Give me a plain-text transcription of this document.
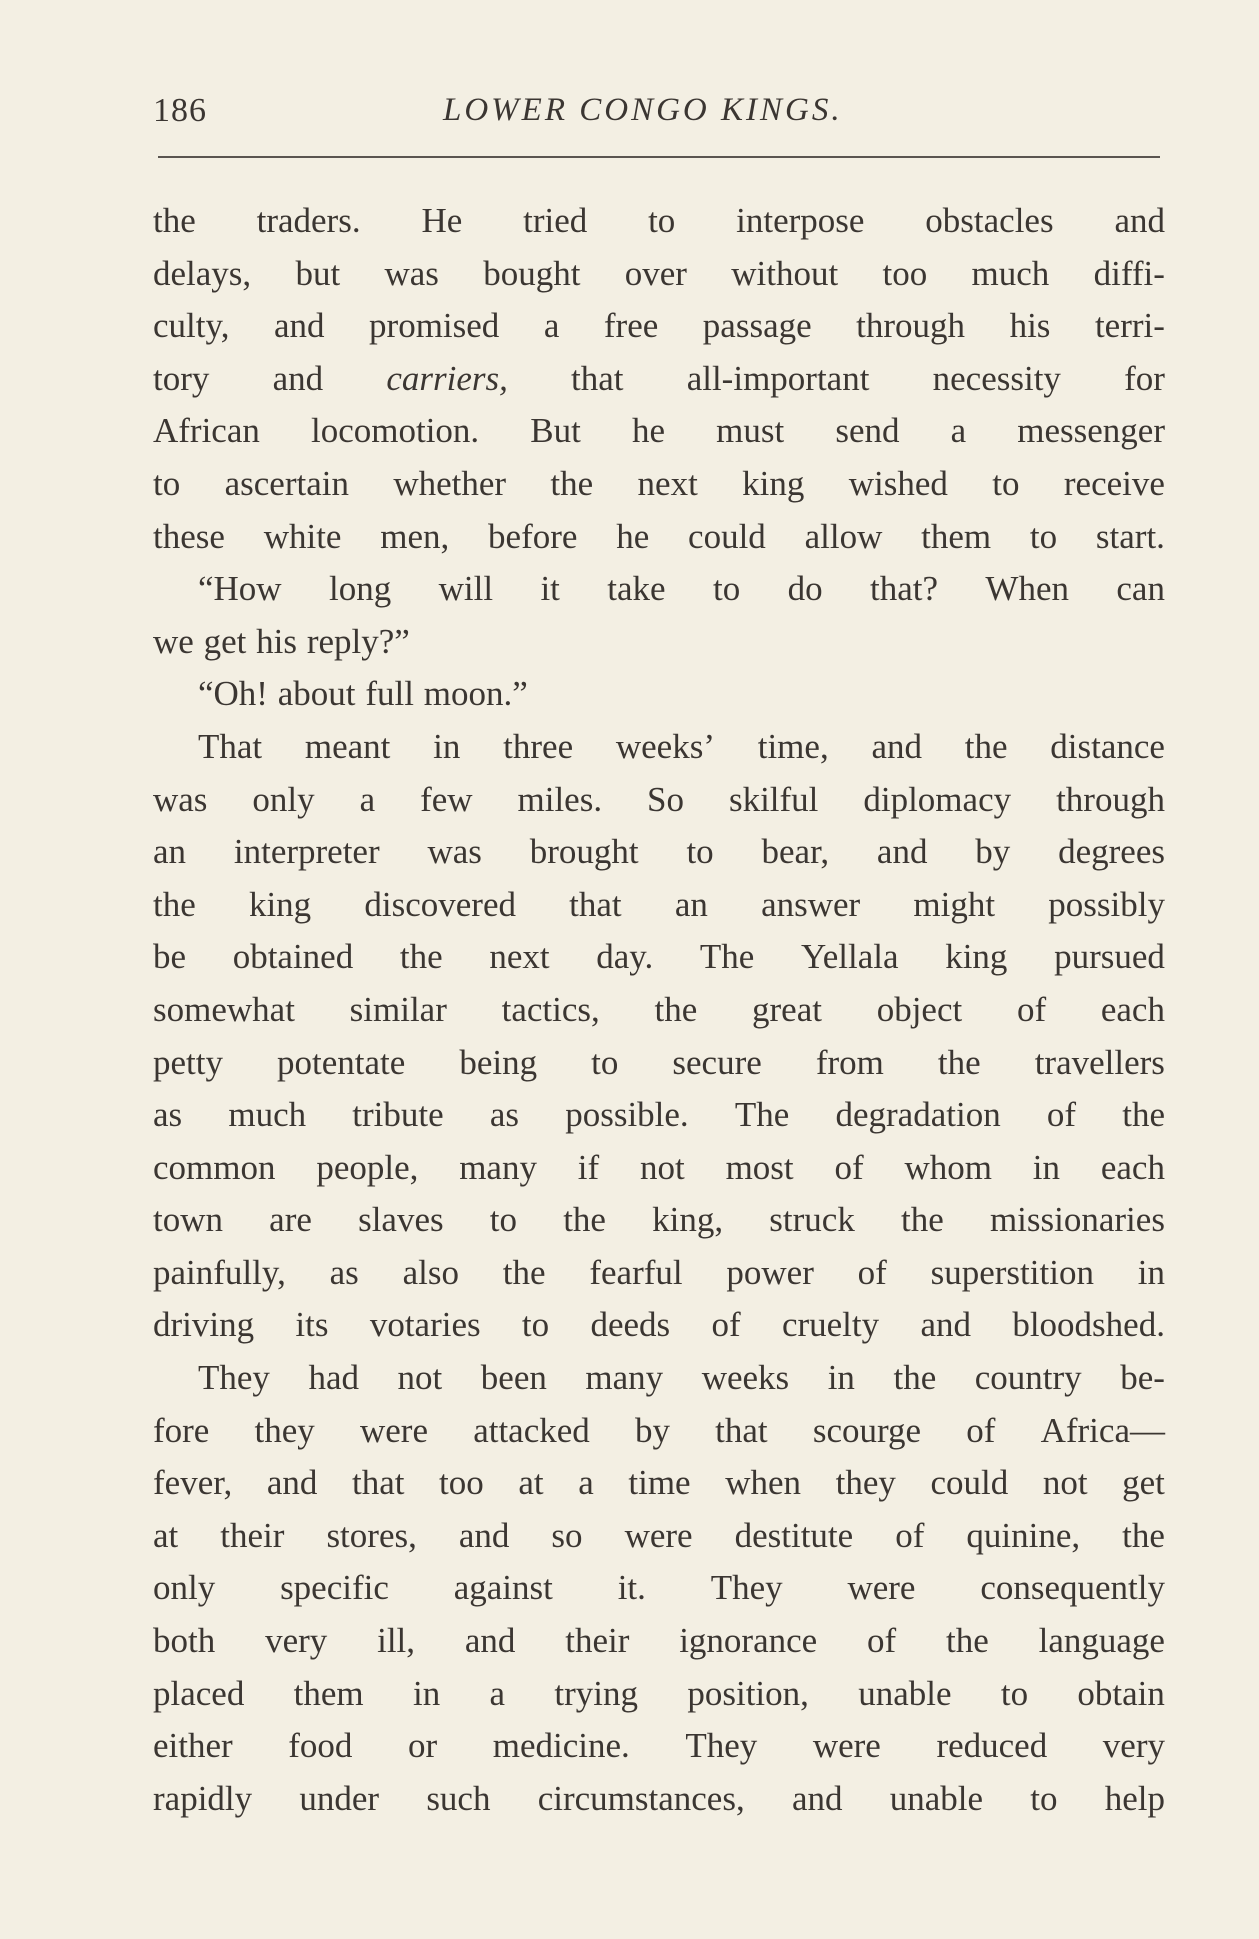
186	LOWER CONGO KINGS.
the traders. He tried to interpose obstacles and
delays, but was bought over without too much diffi-
culty, and promised a free passage through his terri-
tory and carriers, that all-important necessity for
African locomotion. But he must send a messenger
to ascertain whether the next king wished to receive
these white men, before he could allow them to start.
“How long will it take to do that? When can
we get his reply?”
“Oh! about full moon.”
That meant in three weeks’ time, and the distance
was only a few miles. So skilful diplomacy through
an interpreter was brought to bear, and by degrees
the king discovered that an answer might possibly
be obtained the next day. The Yellala king pursued
somewhat similar tactics, the great object of each
petty potentate being to secure from the travellers
as much tribute as possible. The degradation of the
common people, many if not most of whom in each
town are slaves to the king, struck the missionaries
painfully, as also the fearful power of superstition in
driving its votaries to deeds of cruelty and bloodshed.
They had not been many weeks in the country be-
fore they were attacked by that scourge of Africa—
fever, and that too at a time when they could not get
at their stores, and so were destitute of quinine, the
only specific against it. They were consequently
both very ill, and their ignorance of the language
placed them in a trying position, unable to obtain
either food or medicine. They were reduced very
rapidly under such circumstances, and unable to help
